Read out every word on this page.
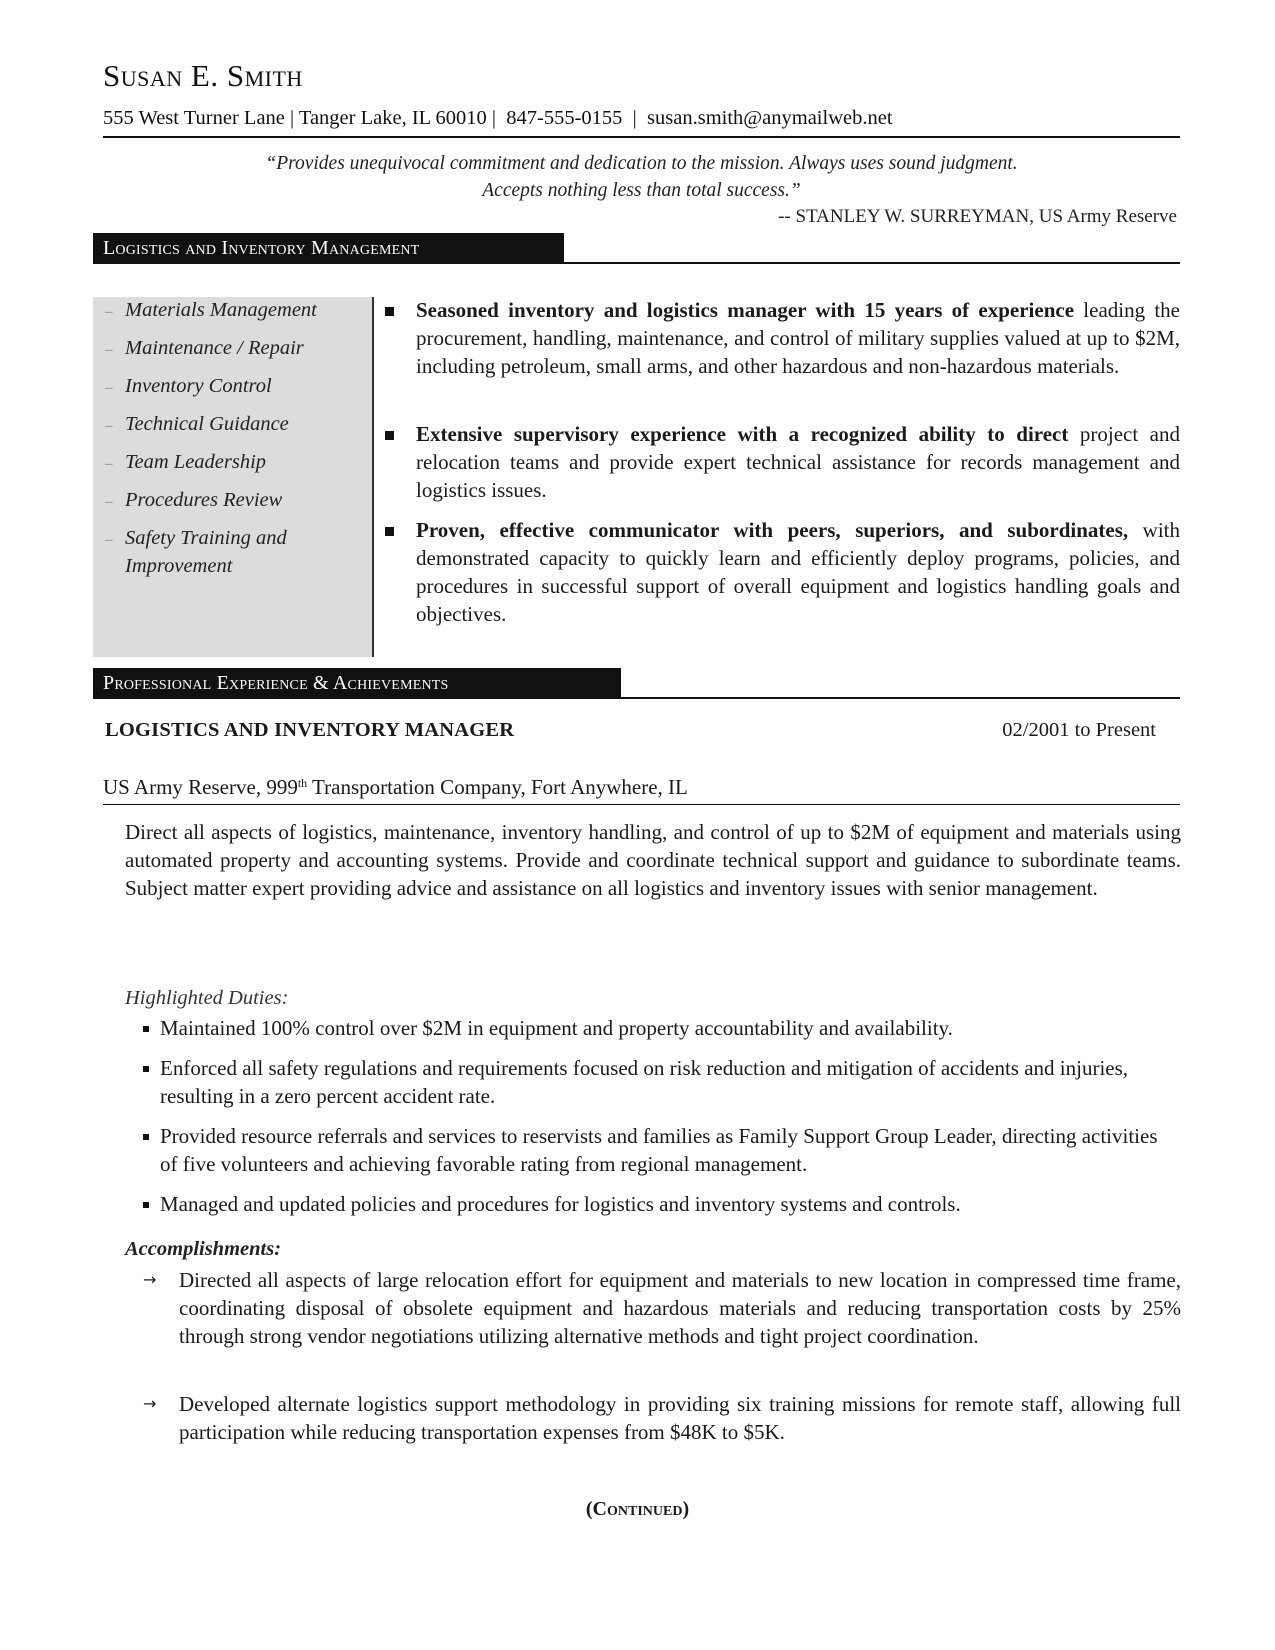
Susan E. Smith
555 West Turner Lane | Tanger Lake, IL 60010 |  847-555-0155  |  susan.smith@anymailweb.net
“Provides unequivocal commitment and dedication to the mission. Always uses sound judgment.
Accepts nothing less than total success.”
-- STANLEY W. SURREYMAN, US Army Reserve
Logistics and Inventory Management
– Materials Management
– Maintenance / Repair
– Inventory Control
– Technical Guidance
– Team Leadership
– Procedures Review
– Safety Training and Improvement
Seasoned inventory and logistics manager with 15 years of experience leading the procurement, handling, maintenance, and control of military supplies valued at up to $2M, including petroleum, small arms, and other hazardous and non-hazardous materials.
Extensive supervisory experience with a recognized ability to direct project and relocation teams and provide expert technical assistance for records management and logistics issues.
Proven, effective communicator with peers, superiors, and subordinates, with demonstrated capacity to quickly learn and efficiently deploy programs, policies, and procedures in successful support of overall equipment and logistics handling goals and objectives.
Professional Experience & Achievements
LOGISTICS AND INVENTORY MANAGER	02/2001 to Present
US Army Reserve, 999th Transportation Company, Fort Anywhere, IL
Direct all aspects of logistics, maintenance, inventory handling, and control of up to $2M of equipment and materials using automated property and accounting systems. Provide and coordinate technical support and guidance to subordinate teams. Subject matter expert providing advice and assistance on all logistics and inventory issues with senior management.
Highlighted Duties:
Maintained 100% control over $2M in equipment and property accountability and availability.
Enforced all safety regulations and requirements focused on risk reduction and mitigation of accidents and injuries, resulting in a zero percent accident rate.
Provided resource referrals and services to reservists and families as Family Support Group Leader, directing activities of five volunteers and achieving favorable rating from regional management.
Managed and updated policies and procedures for logistics and inventory systems and controls.
Accomplishments:
→ Directed all aspects of large relocation effort for equipment and materials to new location in compressed time frame, coordinating disposal of obsolete equipment and hazardous materials and reducing transportation costs by 25% through strong vendor negotiations utilizing alternative methods and tight project coordination.
→ Developed alternate logistics support methodology in providing six training missions for remote staff, allowing full participation while reducing transportation expenses from $48K to $5K.
(Continued)
